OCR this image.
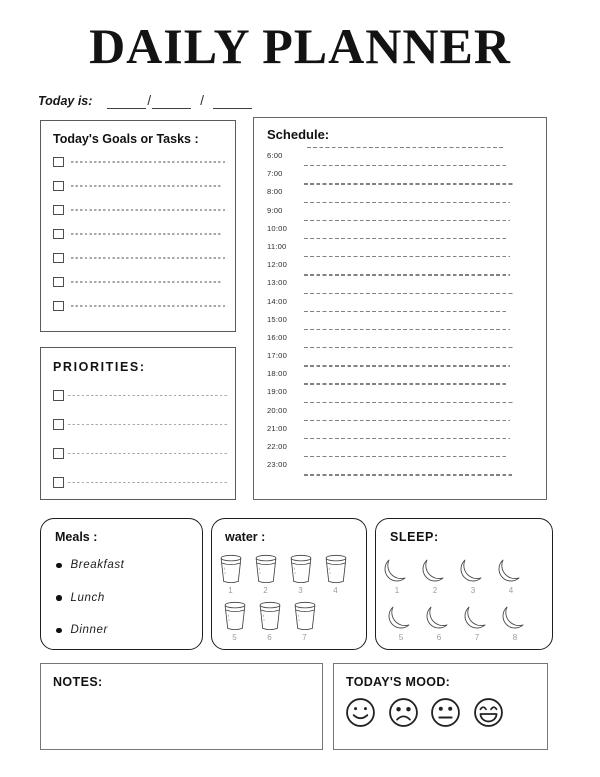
DAILY PLANNER
Today is:	/	/
Today's Goals or Tasks :
PRIORITIES:
Schedule:
6:00
7:00
8:00
9:00
10:00
11:00
12:00
13:00
14:00
15:00
16:00
17:00
18:00
19:00
20:00
21:00
22:00
23:00
Meals :
Breakfast
Lunch
Dinner
water :
1	2	3	4
5	6	7
SLEEP:
1	2	3	4
5	6	7	8
NOTES:	TODAY'S MOOD:
